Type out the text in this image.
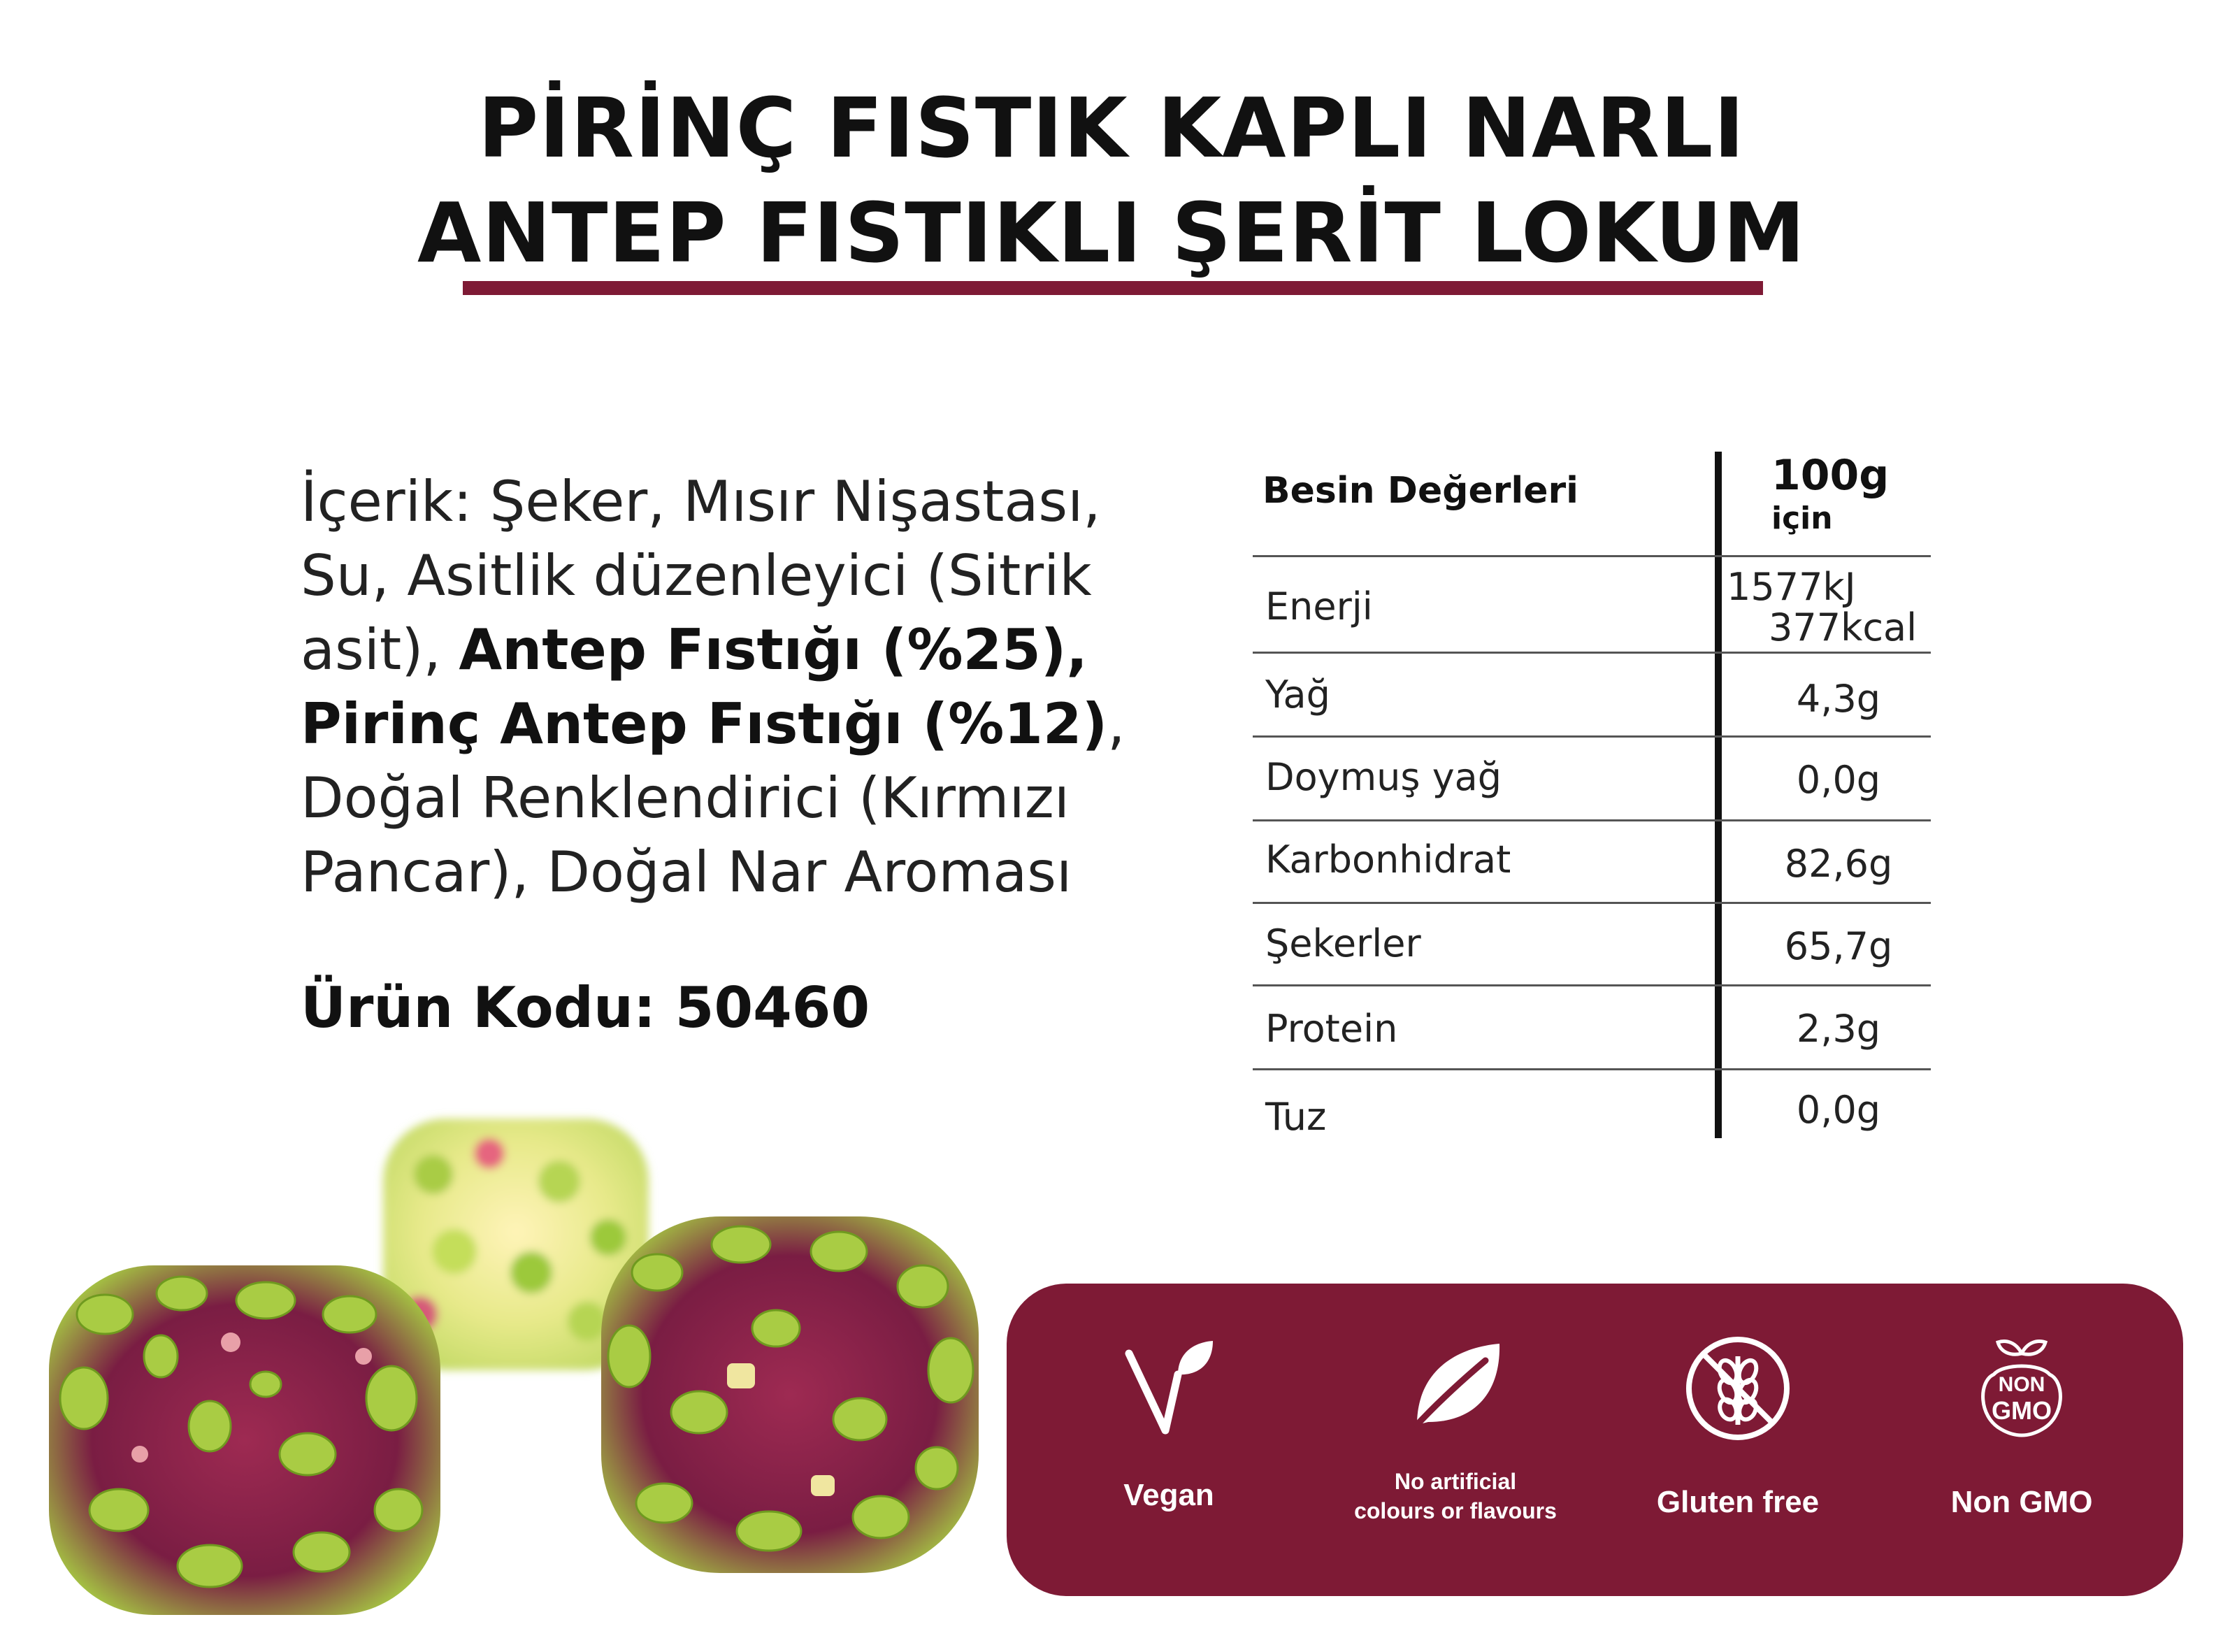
PİRİNÇ FISTIK KAPLI NARLI
ANTEP FISTIKLI ŞERİT LOKUM
İçerik: Şeker, Mısır Nişastası, Su, Asitlik düzenleyici (Sitrik asit), Antep Fıstığı (%25),
Pirinç Antep Fıstığı (%12), Doğal Renklendirici (Kırmızı Pancar), Doğal Nar Aroması
Ürün Kodu: 50460
Besin Değerleri	100g
için
Enerji	1577kJ
377kcal
Yağ	4,3g
Doymuş yağ	0,0g
Karbonhidrat	82,6g
Şekerler	65,7g
Protein	2,3g
Tuz	0,0g
Vegan	No artificial
colours or flavours	Gluten free
NON
GMO
Non GMO
